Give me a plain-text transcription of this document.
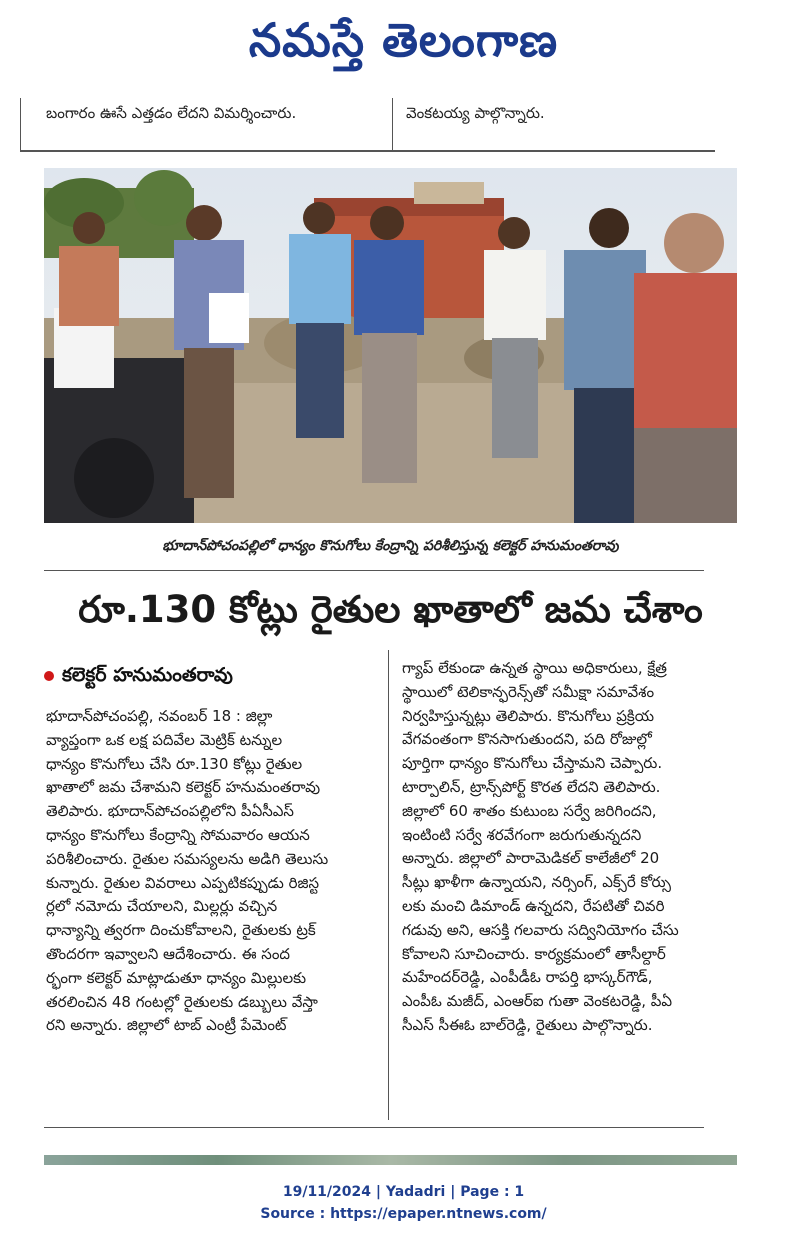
నమస్తే తెలంగాణ
బంగారం ఊసే ఎత్తడం లేదని విమర్శించారు.	వెంకటయ్య పాల్గొన్నారు.
భూదాన్‌పోచంపల్లిలో ధాన్యం కొనుగోలు కేంద్రాన్ని పరిశీలిస్తున్న కలెక్టర్‌ హనుమంతరావు
రూ.130 కోట్లు రైతుల ఖాతాలో జమ చేశాం
కలెక్టర్‌ హనుమంతరావు
భూదాన్‌పోచంపల్లి, నవంబర్‌ 18 : జిల్లా
వ్యాప్తంగా ఒక లక్ష పదివేల మెట్రిక్‌ టన్నుల
ధాన్యం కొనుగోలు చేసి రూ.130 కోట్లు రైతుల
ఖాతాలో జమ చేశామని కలెక్టర్‌ హనుమంతరావు
తెలిపారు. భూదాన్‌పోచంపల్లిలోని పీఏసీఎస్‌
ధాన్యం కొనుగోలు కేంద్రాన్ని సోమవారం ఆయన
పరిశీలించారు. రైతుల సమస్యలను అడిగి తెలుసు
కున్నారు. రైతుల వివరాలు ఎప్పటికప్పుడు రిజిస్ట
ర్లలో నమోదు చేయాలని, మిల్లర్లు వచ్చిన
ధాన్యాన్ని త్వరగా దించుకోవాలని, రైతులకు ట్రక్‌
తొందరగా ఇవ్వాలని ఆదేశించారు. ఈ సంద
ర్భంగా కలెక్టర్‌ మాట్లాడుతూ ధాన్యం మిల్లులకు
తరలించిన 48 గంటల్లో రైతులకు డబ్బులు వేస్తా
రని అన్నారు. జిల్లాలో టాబ్‌ ఎంట్రీ పేమెంట్‌
గ్యాప్‌ లేకుండా ఉన్నత స్థాయి అధికారులు, క్షేత్ర
స్థాయిలో టెలికాన్ఫరెన్స్‌తో సమీక్షా సమావేశం
నిర్వహిస్తున్నట్లు తెలిపారు. కొనుగోలు ప్రక్రియ
వేగవంతంగా కొనసాగుతుందని, పది రోజుల్లో
పూర్తిగా ధాన్యం కొనుగోలు చేస్తామని చెప్పారు.
టార్పాలిన్‌, ట్రాన్స్‌పోర్ట్‌ కొరత లేదని తెలిపారు.
జిల్లాలో 60 శాతం కుటుంబ సర్వే జరిగిందని,
ఇంటింటి సర్వే శరవేగంగా జరుగుతున్నదని
అన్నారు. జిల్లాలో పారామెడికల్‌ కాలేజీలో 20
సీట్లు ఖాళీగా ఉన్నాయని, నర్సింగ్‌, ఎక్స్‌రే కోర్సు
లకు మంచి డిమాండ్‌ ఉన్నదని, రేపటితో చివరి
గడువు అని, ఆసక్తి గలవారు సద్వినియోగం చేసు
కోవాలని సూచించారు. కార్యక్రమంలో తాసీల్దార్‌
మహేందర్‌రెడ్డి, ఎంపీడీఓ రాపర్తి భాస్కర్‌గౌడ్‌,
ఎంపీఓ మజీద్‌, ఎంఆర్‌ఐ గుతా వెంకటరెడ్డి, పీఏ
సీఎస్‌ సీఈఓ బాల్‌రెడ్డి, రైతులు పాల్గొన్నారు.
19/11/2024 | Yadadri | Page : 1
Source : https://epaper.ntnews.com/
